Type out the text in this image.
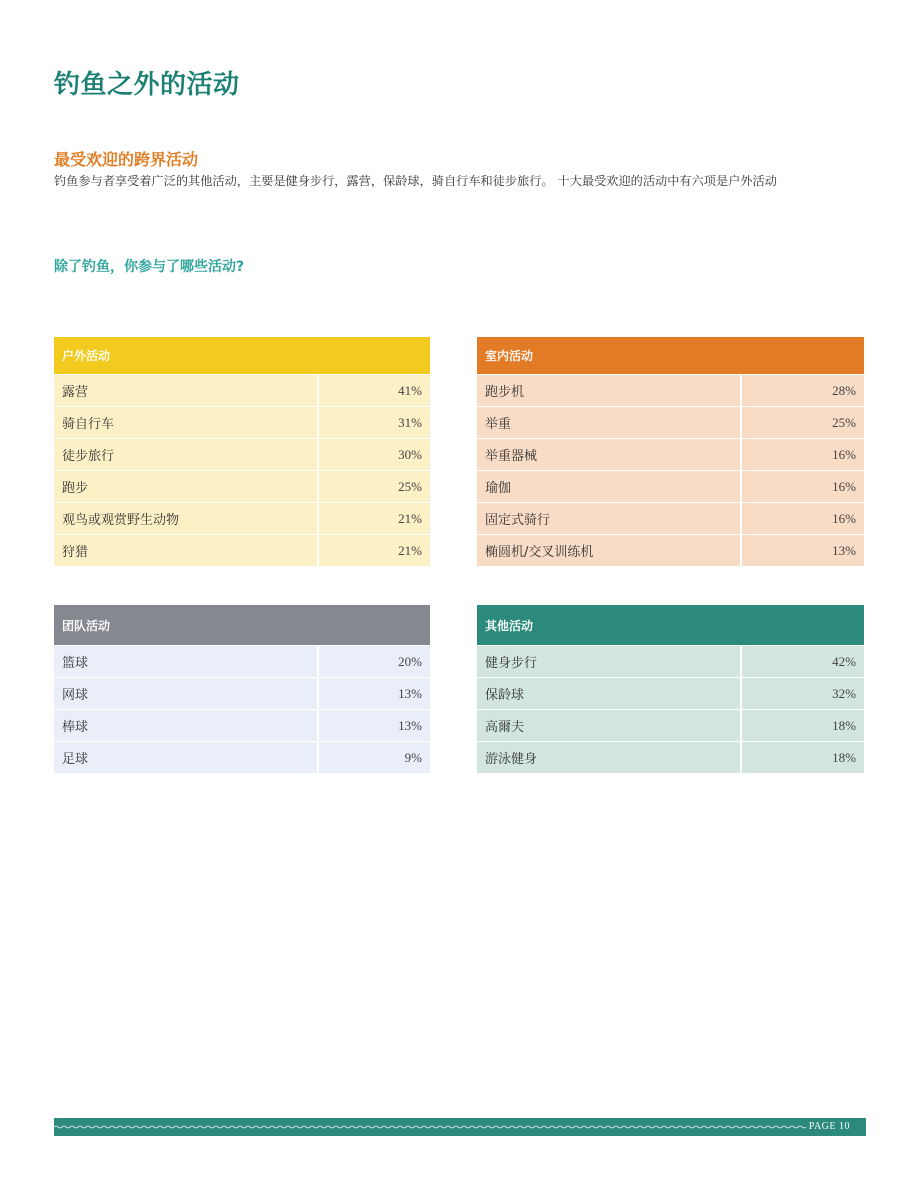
钓鱼之外的活动
最受欢迎的跨界活动

钓鱼参与者享受着广泛的其他活动，主要是健身步行，露营，保龄球，骑自行车和徒步旅行。 十大最受欢迎的活动中有六项是户外活动

除了钓鱼，你参与了哪些活动?
户外活动
露营	41%
骑自行车	31%
徒步旅行	30%
跑步	25%
观鸟或观赏野生动物	21%
狩猎	21%
室内活动
跑步机	28%
举重	25%
举重器械	16%
瑜伽	16%
固定式骑行	16%
椭圆机/交叉训练机	13%
团队活动
篮球	20%
网球	13%
棒球	13%
足球	9%
其他活动
健身步行	42%
保龄球	32%
高爾夫	18%
游泳健身	18%
PAGE 10
